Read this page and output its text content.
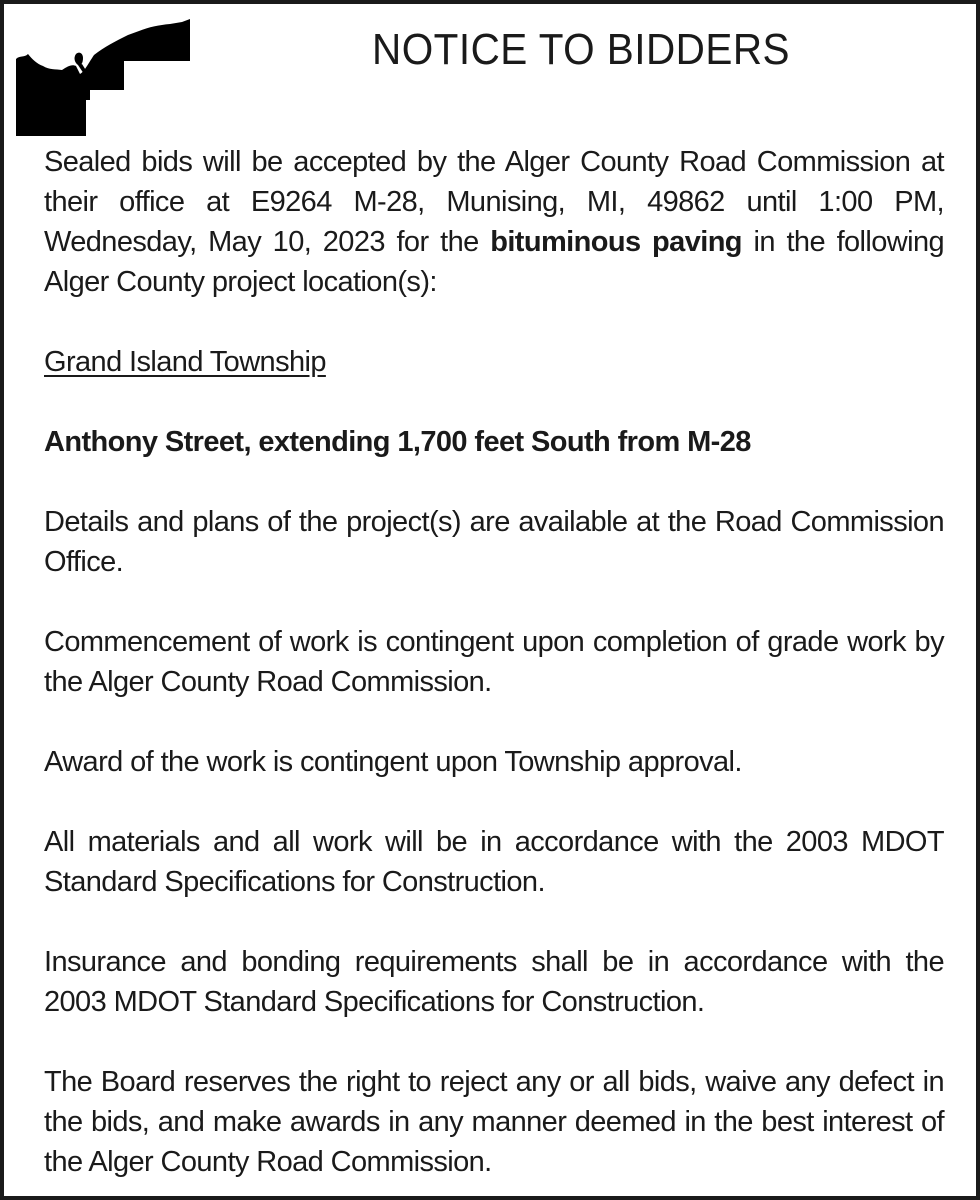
NOTICE TO BIDDERS

Sealed bids will be accepted by the Alger County Road Commission at their office at E9264 M-28, Munising, MI, 49862 until 1:00 PM, Wednesday, May 10, 2023 for the bituminous paving in the following Alger County project location(s):

Grand Island Township

Anthony Street, extending 1,700 feet South from M-28

Details and plans of the project(s) are available at the Road Commission Office.

Commencement of work is contingent upon completion of grade work by the Alger County Road Commission.

Award of the work is contingent upon Township approval.

All materials and all work will be in accordance with the 2003 MDOT Standard Specifications for Construction.

Insurance and bonding requirements shall be in accordance with the 2003 MDOT Standard Specifications for Construction.

The Board reserves the right to reject any or all bids, waive any defect in the bids, and make awards in any manner deemed in the best interest of the Alger County Road Commission.
